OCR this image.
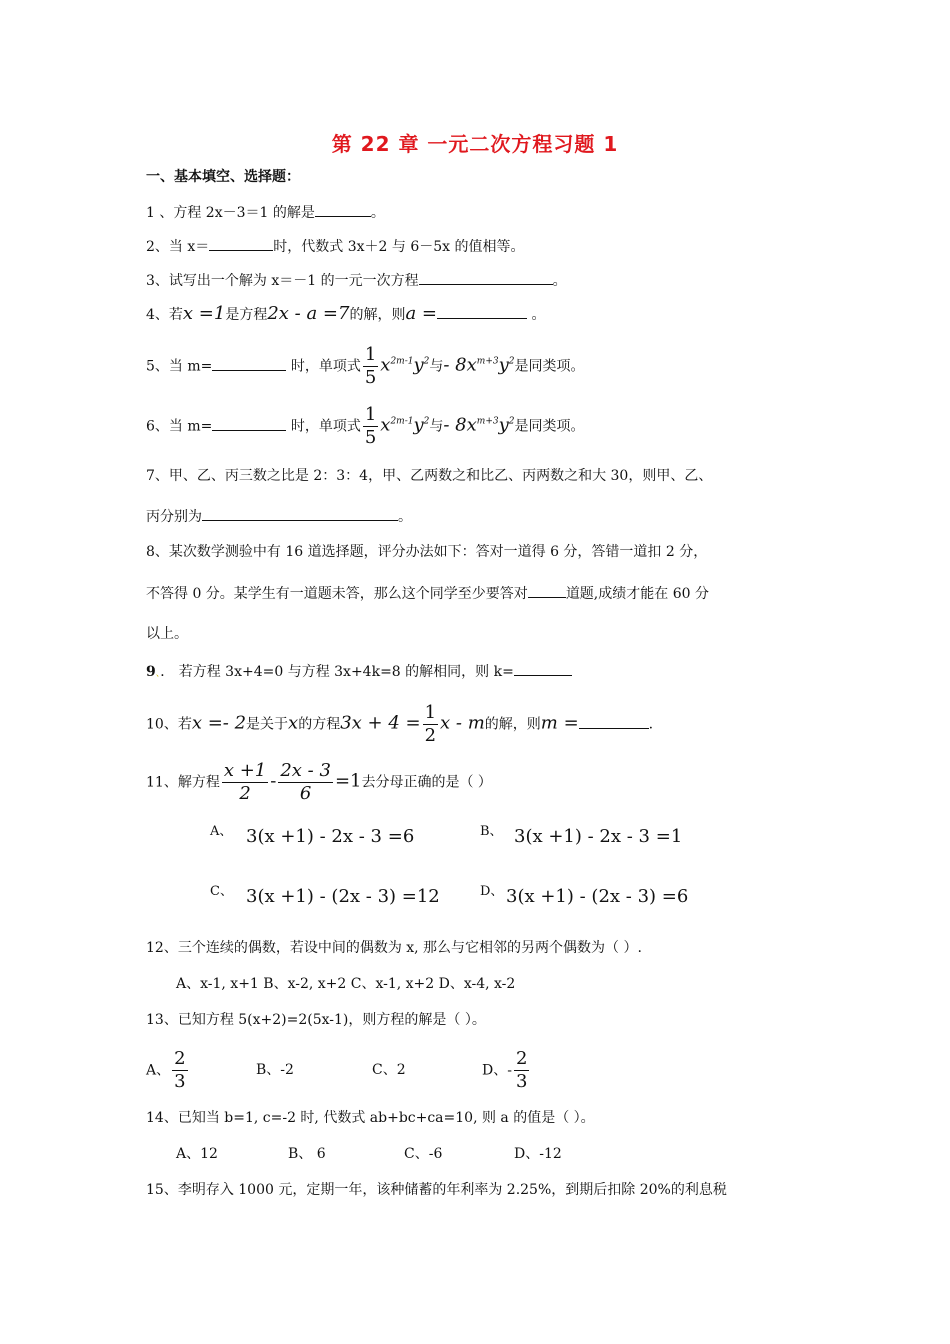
第 22 章 一元二次方程习题 1
一、基本填空、选择题：
1 、方程 2x－3＝1 的解是	。
2、当 x＝	时，代数式 3x＋2 与 6－5x 的值相等。
3、试写出一个解为 x＝－1 的一元一次方程	。
4、若x =1是方程2x - a =7的解，则a =	。
5、当 m=	时，单项式 $\frac{1}{5} x^{2m-1}y^2$与- $8x^{m+3}y^2$是同类项。
6、当 m=	时，单项式 $\frac{1}{5} x^{2m-1}y^2$与- $8x^{m+3}y^2$是同类项。
7、甲、乙、丙三数之比是 2：3：4，甲、乙两数之和比乙、丙两数之和大 30，则甲、乙、
丙分别为	。
8、某次数学测验中有 16 道选择题，评分办法如下：答对一道得 6 分，答错一道扣 2 分，
不答得 0 分。某学生有一道题未答，那么这个同学至少要答对	道题,成绩才能在 60 分
以上。
9、． 若方程 3x+4=0 与方程 3x+4k=8 的解相同，则 k=
10、若x =- 2是关于x的方程$3x + 4 = \frac{1}{2}$ x - m的解，则m =	.
11、解方程 $\frac{x +1}{2} - \frac{2x - 3}{6} =1$去分母正确的是（ ）
A、 3(x +1) - 2x - 3 =6	B、 3(x +1) - 2x - 3 =1
C、 3(x +1) - (2x - 3) =12	D、 3(x +1) - (2x - 3) =6
12、三个连续的偶数，若设中间的偶数为 x, 那么与它相邻的另两个偶数为（ ）.
A、x-1, x+1 B、x-2, x+2 C、x-1, x+2 D、x-4, x-2
13、已知方程 5(x+2)=2(5x-1)，则方程的解是（ ）。
A、 $\frac{2}{3}$	B、-2	C、2	D、- $\frac{2}{3}$
14、已知当 b=1, c=-2 时, 代数式 ab+bc+ca=10, 则 a 的值是（ ）。
A、12	B、 6	C、-6	D、-12
15、李明存入 1000 元，定期一年，该种储蓄的年利率为 2.25%，到期后扣除 20%的利息税
